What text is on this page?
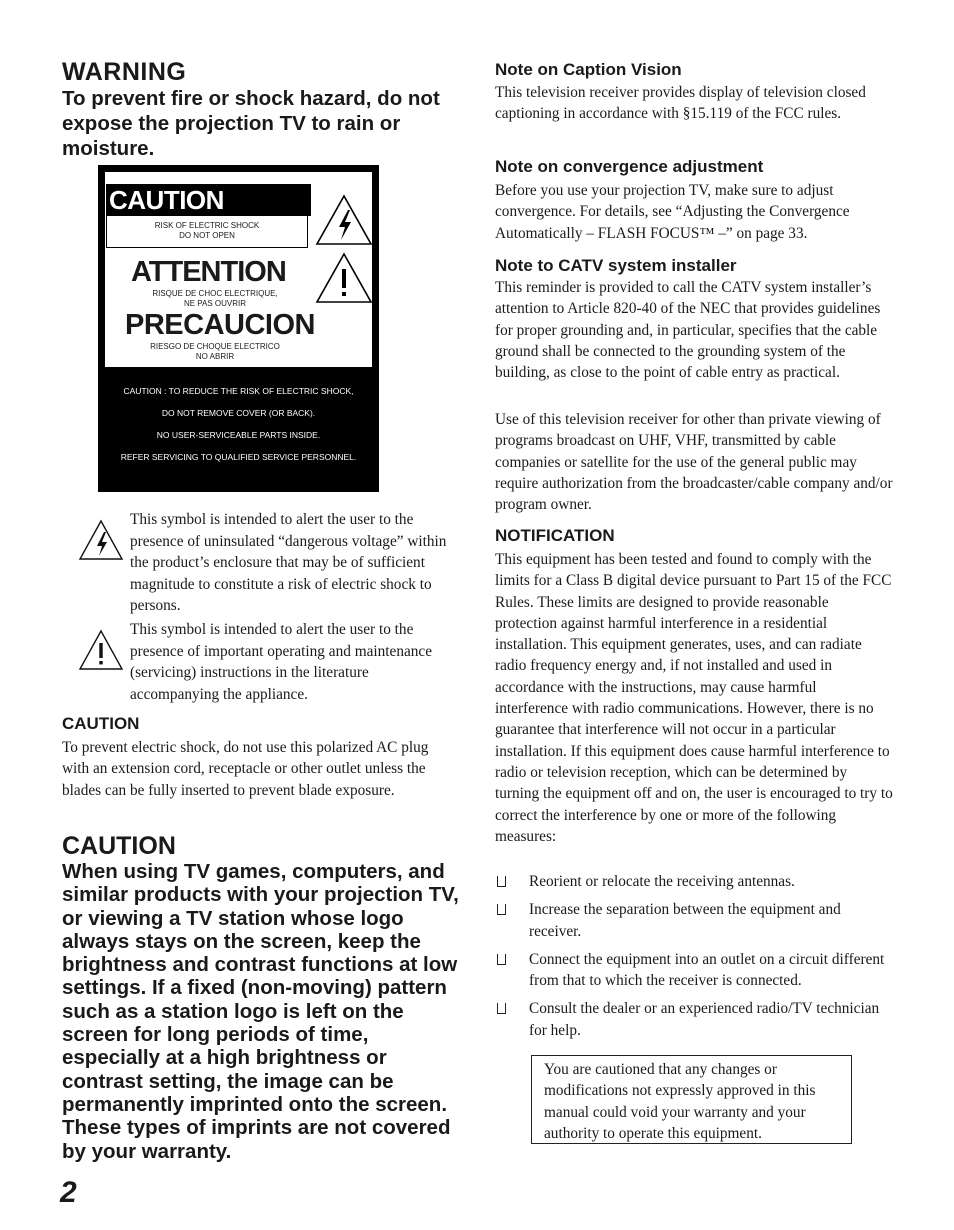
WARNING
To prevent fire or shock hazard, do not expose the projection TV to rain or moisture.
CAUTION
RISK OF ELECTRIC SHOCK
DO NOT OPEN
ATTENTION
RISQUE DE CHOC ELECTRIQUE,
NE PAS OUVRIR
PRECAUCION
RIESGO DE CHOQUE ELECTRICO
NO ABRIR
CAUTION : TO REDUCE THE RISK OF ELECTRIC SHOCK,
DO NOT REMOVE COVER (OR BACK).
NO USER-SERVICEABLE PARTS INSIDE.
REFER SERVICING TO QUALIFIED SERVICE PERSONNEL.
This symbol is intended to alert the user to the presence of uninsulated “dangerous voltage” within the product’s enclosure that may be of sufficient magnitude to constitute a risk of electric shock to persons.
This symbol is intended to alert the user to the presence of important operating and maintenance (servicing) instructions in the literature accompanying the appliance.
CAUTION
To prevent electric shock, do not use this polarized AC plug with an extension cord, receptacle or other outlet unless the blades can be fully inserted to prevent blade exposure.
CAUTION
When using TV games, computers, and similar products with your projection TV, or viewing a TV station whose logo always stays on the screen, keep the brightness and contrast functions at low settings. If a fixed (non-moving) pattern such as a station logo is left on the screen for long periods of time, especially at a high brightness or contrast setting, the image can be permanently imprinted onto the screen. These types of imprints are not covered by your warranty.
2
Note on Caption Vision
This television receiver provides display of television closed captioning in accordance with §15.119 of the FCC rules.
Note on convergence adjustment
Before you use your projection TV, make sure to adjust convergence. For details, see “Adjusting the Convergence Automatically – FLASH FOCUS™ –” on page 33.
Note to CATV system installer
This reminder is provided to call the CATV system installer’s attention to Article 820-40 of the NEC that provides guidelines for proper grounding and, in particular, specifies that the cable ground shall be connected to the grounding system of the building, as close to the point of cable entry as practical.
Use of this television receiver for other than private viewing of programs broadcast on UHF, VHF, transmitted by cable companies or satellite for the use of the general public may require authorization from the broadcaster/cable company and/or program owner.
NOTIFICATION
This equipment has been tested and found to comply with the limits for a Class B digital device pursuant to Part 15 of the FCC Rules. These limits are designed to provide reasonable protection against harmful interference in a residential installation. This equipment generates, uses, and can radiate radio frequency energy and, if not installed and used in accordance with the instructions, may cause harmful interference with radio communications. However, there is no guarantee that interference will not occur in a particular installation. If this equipment does cause harmful interference to radio or television reception, which can be determined by turning the equipment off and on, the user is encouraged to try to correct the interference by one or more of the following measures:
Reorient or relocate the receiving antennas.
Increase the separation between the equipment and receiver.
Connect the equipment into an outlet on a circuit different from that to which the receiver is connected.
Consult the dealer or an experienced radio/TV technician for help.
You are cautioned that any changes or modifications not expressly approved in this manual could void your warranty and your authority to operate this equipment.
